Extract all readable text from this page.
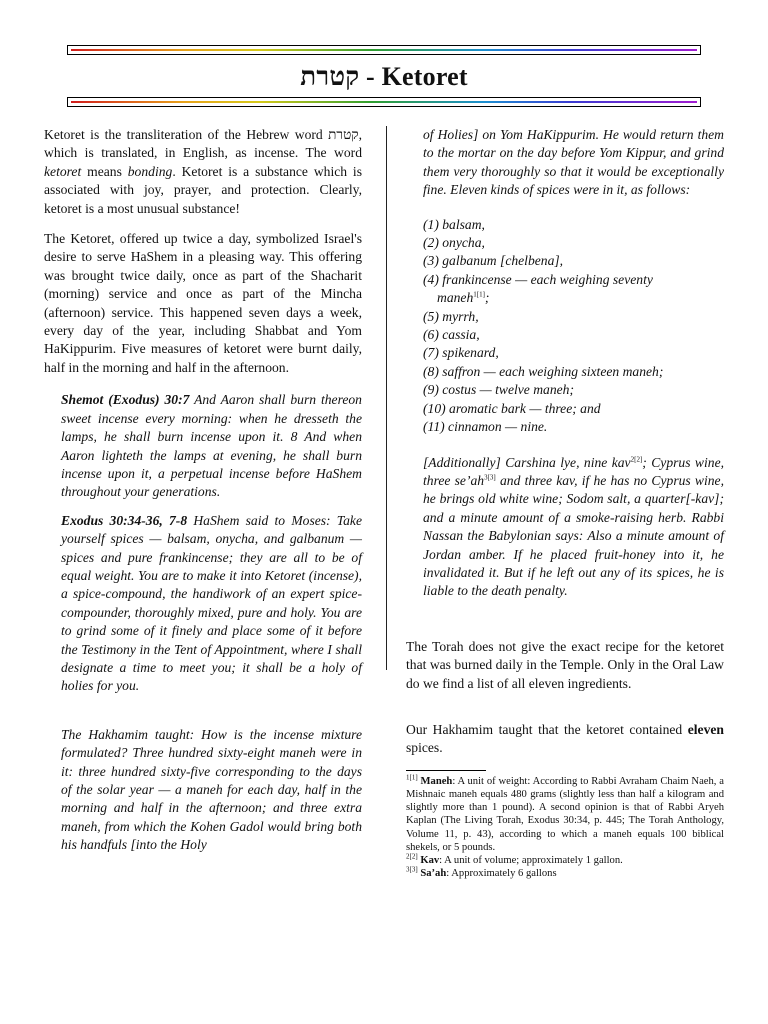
קטרת - Ketoret

Ketoret is the transliteration of the Hebrew word קטרת, which is translated, in English, as incense. The word ketoret means bonding. Ketoret is a substance which is associated with joy, prayer, and protection. Clearly, ketoret is a most unusual substance!

The Ketoret, offered up twice a day, symbolized Israel's desire to serve HaShem in a pleasing way. This offering was brought twice daily, once as part of the Shacharit (morning) service and once as part of the Mincha (afternoon) service. This happened seven days a week, every day of the year, including Shabbat and Yom HaKippurim. Five measures of ketoret were burnt daily, half in the morning and half in the afternoon.

Shemot (Exodus) 30:7 And Aaron shall burn thereon sweet incense every morning: when he dresseth the lamps, he shall burn incense upon it. 8 And when Aaron lighteth the lamps at evening, he shall burn incense upon it, a perpetual incense before HaShem throughout your generations.

Exodus 30:34-36, 7-8 HaShem said to Moses: Take yourself spices — balsam, onycha, and galbanum — spices and pure frankincense; they are all to be of equal weight. You are to make it into Ketoret (incense), a spice-compound, the handiwork of an expert spice-compounder, thoroughly mixed, pure and holy. You are to grind some of it finely and place some of it before the Testimony in the Tent of Appointment, where I shall designate a time to meet you; it shall be a holy of holies for you.

The Hakhamim taught: How is the incense mixture formulated? Three hundred sixty-eight maneh were in it: three hundred sixty-five corresponding to the days of the solar year — a maneh for each day, half in the morning and half in the afternoon; and three extra maneh, from which the Kohen Gadol would bring both his handfuls [into the Holy

of Holies] on Yom HaKippurim. He would return them to the mortar on the day before Yom Kippur, and grind them very thoroughly so that it would be exceptionally fine. Eleven kinds of spices were in it, as follows:

(1) balsam,
(2) onycha,
(3) galbanum [chelbena],
(4) frankincense — each weighing seventy
maneh$^{1[1]}$;
(5) myrrh,
(6) cassia,
(7) spikenard,
(8) saffron — each weighing sixteen maneh;
(9) costus — twelve maneh;
(10) aromatic bark — three; and
(11) cinnamon — nine.

[Additionally] Carshina lye, nine kav$^{2[2]}$; Cyprus wine, three $se’ah^{3[3]}$ and three kav, if he has no Cyprus wine, he brings old white wine; Sodom salt, a quarter[-kav]; and a minute amount of a smoke-raising herb. Rabbi Nassan the Babylonian says: Also a minute amount of Jordan amber. If he placed fruit-honey into it, he invalidated it. But if he left out any of its spices, he is liable to the death penalty.

The Torah does not give the exact recipe for the ketoret that was burned daily in the Temple. Only in the Oral Law do we find a list of all eleven ingredients.

Our Hakhamim taught that the ketoret contained eleven spices.

$^{1[1]}$ Maneh: A unit of weight: According to Rabbi Avraham Chaim Naeh, a Mishnaic maneh equals 480 grams (slightly less than half a kilogram and slightly more than 1 pound). A second opinion is that of Rabbi Aryeh Kaplan (The Living Torah, Exodus 30:34, p. 445; The Torah Anthology, Volume 11, p. 43), according to which a maneh equals 100 biblical shekels, or 5 pounds.

$^{2[2]}$ Kav: A unit of volume; approximately 1 gallon.

$^{3[3]}$ Sa’ah: Approximately 6 gallons
